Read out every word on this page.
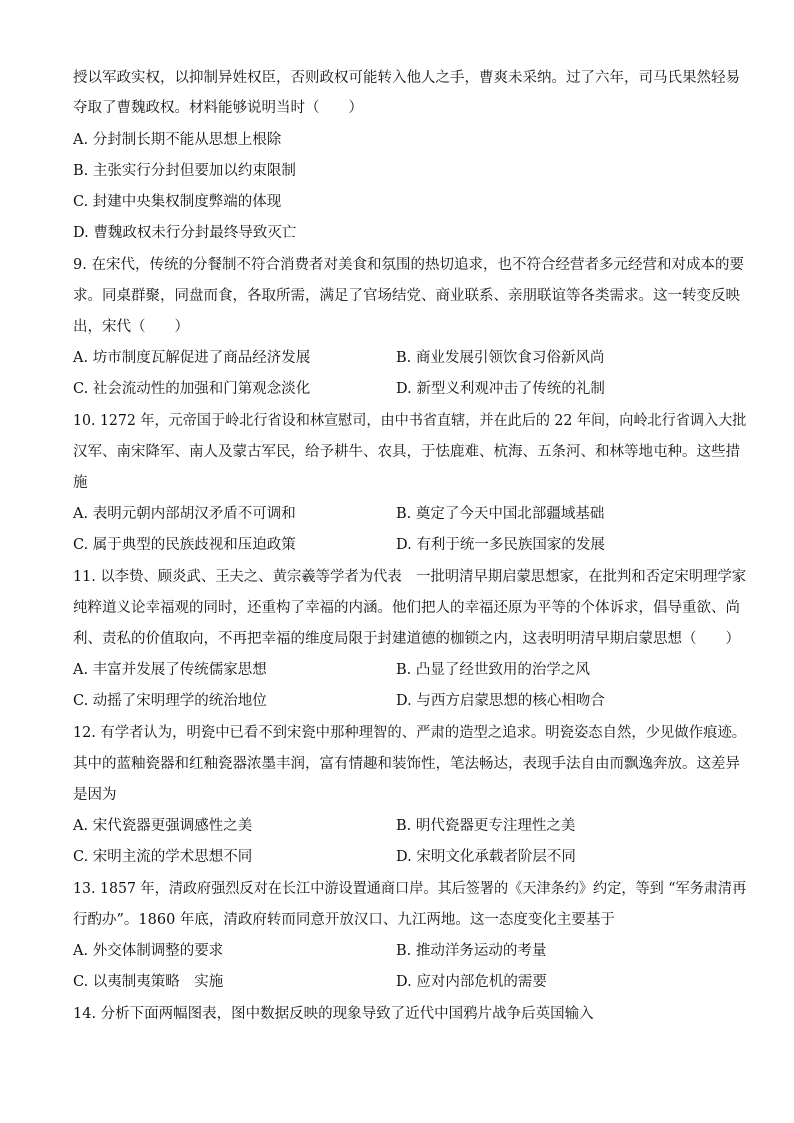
授以军政实权，以抑制异姓权臣，否则政权可能转入他人之手，曹爽未采纳。过了六年，司马氏果然轻易
夺取了曹魏政权。材料能够说明当时（　　）
A. 分封制长期不能从思想上根除
B. 主张实行分封但要加以约束限制
C. 封建中央集权制度弊端的体现
D. 曹魏政权未行分封最终导致灭亡
9. 在宋代，传统的分餐制不符合消费者对美食和氛围的热切追求，也不符合经营者多元经营和对成本的要
求。同桌群聚，同盘而食，各取所需，满足了官场结党、商业联系、亲朋联谊等各类需求。这一转变反映
出，宋代（　　）
A. 坊市制度瓦解促进了商品经济发展	B. 商业发展引领饮食习俗新风尚
C. 社会流动性的加强和门第观念淡化	D. 新型义利观冲击了传统的礼制
10. 1272 年，元帝国于岭北行省设和林宣慰司，由中书省直辖，并在此后的 22 年间，向岭北行省调入大批
汉军、南宋降军、南人及蒙古军民，给予耕牛、农具，于怯鹿难、杭海、五条河、和林等地屯种。这些措
施
A. 表明元朝内部胡汉矛盾不可调和	B. 奠定了今天中国北部疆域基础
C. 属于典型的民族歧视和压迫政策	D. 有利于统一多民族国家的发展
11. 以李贽、顾炎武、王夫之、黄宗羲等学者为代表　一批明清早期启蒙思想家，在批判和否定宋明理学家
纯粹道义论幸福观的同时，还重构了幸福的内涵。他们把人的幸福还原为平等的个体诉求，倡导重欲、尚
利、责私的价值取向，不再把幸福的维度局限于封建道德的枷锁之内，这表明明清早期启蒙思想（　　）
A. 丰富并发展了传统儒家思想	B. 凸显了经世致用的治学之风
C. 动摇了宋明理学的统治地位	D. 与西方启蒙思想的核心相吻合
12. 有学者认为，明瓷中已看不到宋瓷中那种理智的、严肃的造型之追求。明瓷姿态自然，少见做作痕迹。
其中的蓝釉瓷器和红釉瓷器浓墨丰润，富有情趣和装饰性，笔法畅达，表现手法自由而飘逸奔放。这差异
是因为
A. 宋代瓷器更强调感性之美	B. 明代瓷器更专注理性之美
C. 宋明主流的学术思想不同	D. 宋明文化承载者阶层不同
13. 1857 年，清政府强烈反对在长江中游设置通商口岸。其后签署的《天津条约》约定，等到 “军务肃清再
行酌办”。1860 年底，清政府转而同意开放汉口、九江两地。这一态度变化主要基于
A. 外交体制调整的要求	B. 推动洋务运动的考量
C. 以夷制夷策略　实施	D. 应对内部危机的需要
14. 分析下面两幅图表，图中数据反映的现象导致了近代中国鸦片战争后英国输入
